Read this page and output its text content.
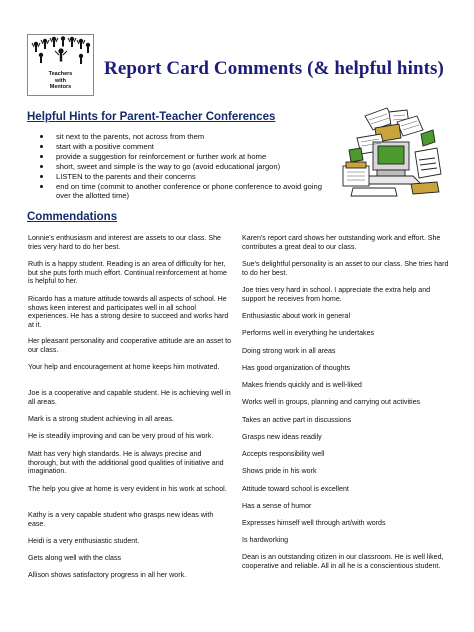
Teachers
with
Mentors
Report Card Comments (& helpful hints)
Helpful Hints for Parent-Teacher Conferences
sit next to the parents, not across from them
start with a positive comment
provide a suggestion for reinforcement or further work at home
short, sweet and simple is the way to go (avoid educational jargon)
LISTEN to the parents and their concerns
end on time (commit to another conference or phone conference to avoid going over the allotted time)
Commendations

Lonnie's enthusiasm and interest are assets to our class. She tries very hard to do her best.

Ruth is a happy student. Reading is an area of difficulty for her, but she puts forth much effort. Continual reinforcement at home is helpful to her.

Ricardo has a mature attitude towards all aspects of school. He shows keen interest and participates well in all school experiences. He has a strong desire to succeed and works hard at it.

Her pleasant personality and cooperative attitude are an asset to our class.

Your help and encouragement at home keeps him motivated.

Joe is a cooperative and capable student. He is achieving well in all areas.

Mark is a strong student achieving in all areas.

He is steadily improving and can be very proud of his work.

Matt has very high standards. He is always precise and thorough, but with the additional good qualities of initiative and imagination.

The help you give at home is very evident in his work at school.

Kathy is a very capable student who grasps new ideas with ease.

Heidi is a very enthusiastic student.

Gets along well with the class

Allison shows satisfactory progress in all her work.

Karen's report card shows her outstanding work and effort. She contributes a great deal to our class.

Sue's delightful personality is an asset to our class. She tries hard to do her best.

Joe tries very hard in school. I appreciate the extra help and support he receives from home.

Enthusiastic about work in general

Performs well in everything he undertakes

Doing strong work in all areas

Has good organization of thoughts

Makes friends quickly and is well-liked

Works well in groups, planning and carrying out activities

Takes an active part in discussions

Grasps new ideas readily

Accepts responsibility well

Shows pride in his work

Attitude toward school is excellent

Has a sense of humor

Expresses himself well through art/with words

Is hardworking

Dean is an outstanding citizen in our classroom. He is well liked, cooperative and reliable. All in all he is a conscientious student.
